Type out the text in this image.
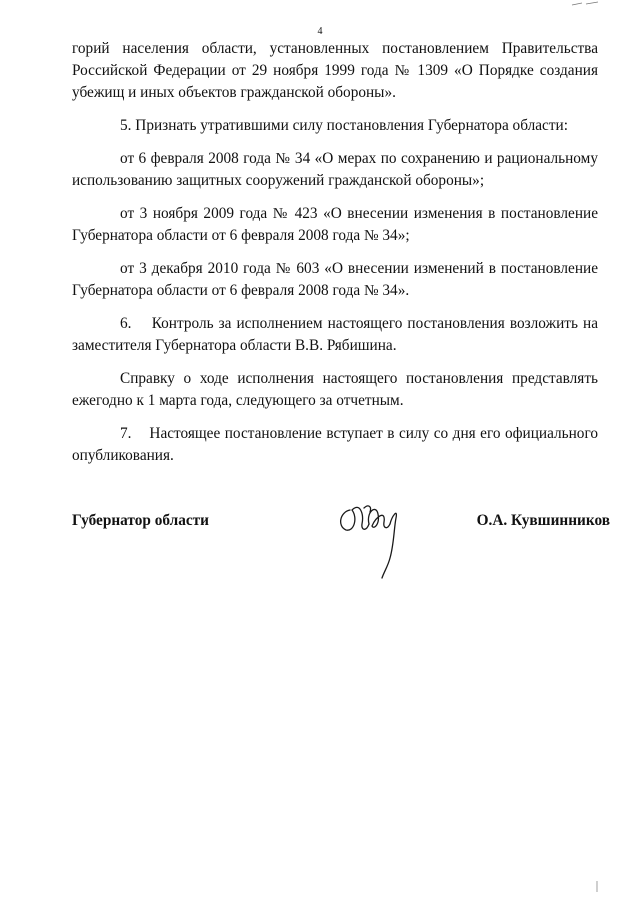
4

горий населения области, установленных постановлением Правительства Российской Федерации от 29 ноября 1999 года № 1309 «О Порядке создания убежищ и иных объектов гражданской обороны».

5. Признать утратившими силу постановления Губернатора области:

от 6 февраля 2008 года № 34 «О мерах по сохранению и рациональному использованию защитных сооружений гражданской обороны»;

от 3 ноября 2009 года № 423 «О внесении изменения в постановление Губернатора области от 6 февраля 2008 года № 34»;

от 3 декабря 2010 года № 603 «О внесении изменений в постановление Губернатора области от 6 февраля 2008 года № 34».

6.    Контроль за исполнением настоящего постановления возложить на заместителя Губернатора области В.В. Рябишина.

Справку о ходе исполнения настоящего постановления представлять ежегодно к 1 марта года, следующего за отчетным.

7.    Настоящее постановление вступает в силу со дня его официального опубликования.

Губернатор области	О.А. Кувшинников
